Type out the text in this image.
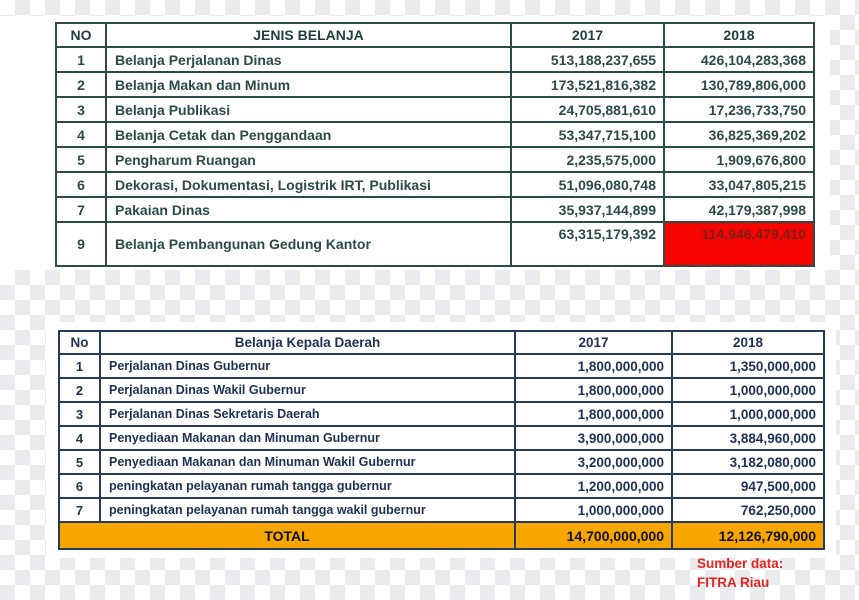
NO	JENIS BELANJA	2017	2018
1	Belanja Perjalanan Dinas	513,188,237,655	426,104,283,368
2	Belanja Makan dan Minum	173,521,816,382	130,789,806,000
3	Belanja Publikasi	24,705,881,610	17,236,733,750
4	Belanja Cetak dan Penggandaan	53,347,715,100	36,825,369,202
5	Pengharum Ruangan	2,235,575,000	1,909,676,800
6	Dekorasi, Dokumentasi, Logistrik IRT, Publikasi	51,096,080,748	33,047,805,215
7	Pakaian Dinas	35,937,144,899	42,179,387,998
9	Belanja Pembangunan Gedung Kantor	63,315,179,392	114,946,479,410
No	Belanja Kepala Daerah	2017	2018
1	Perjalanan Dinas Gubernur	1,800,000,000	1,350,000,000
2	Perjalanan Dinas Wakil Gubernur	1,800,000,000	1,000,000,000
3	Perjalanan Dinas Sekretaris Daerah	1,800,000,000	1,000,000,000
4	Penyediaan Makanan dan Minuman Gubernur	3,900,000,000	3,884,960,000
5	Penyediaan Makanan dan Minuman Wakil Gubernur	3,200,000,000	3,182,080,000
6	peningkatan pelayanan rumah tangga gubernur	1,200,000,000	947,500,000
7	peningkatan pelayanan rumah tangga wakil gubernur	1,000,000,000	762,250,000
TOTAL		14,700,000,000	12,126,790,000
Sumber data:
FITRA Riau
